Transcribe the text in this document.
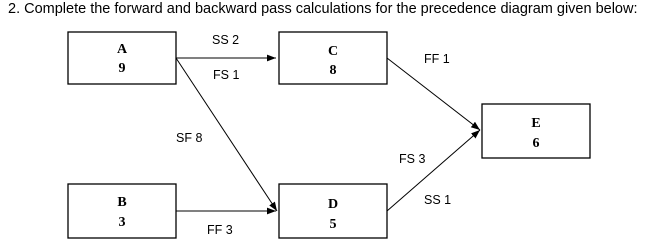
2. Complete the forward and backward pass calculations for the precedence diagram given below:
SS 2
FS 1
SF 8
FF 3
FF 1
FS 3
SS 1
A
9
B
3
C
8
D
5
E
6
